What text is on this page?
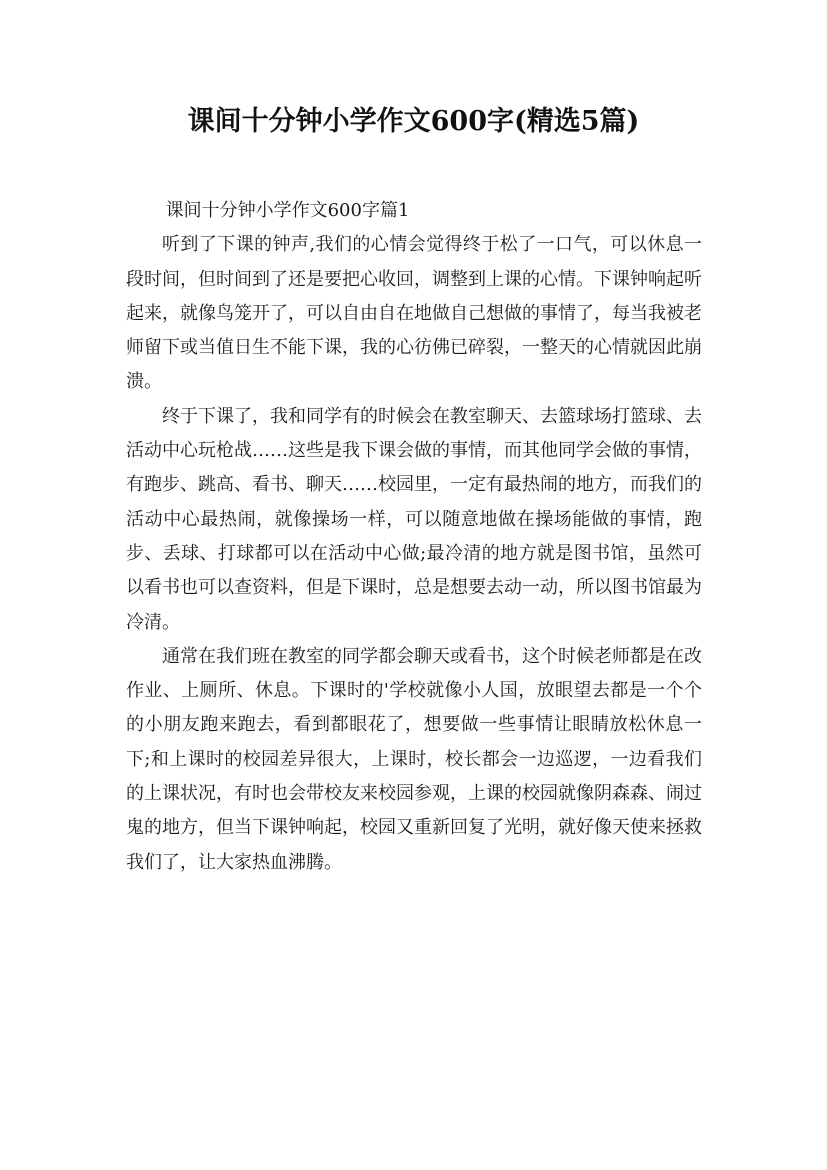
课间十分钟小学作文600字(精选5篇)

课间十分钟小学作文600字篇1

听到了下课的钟声,我们的心情会觉得终于松了一口气，可以休息一段时间，但时间到了还是要把心收回，调整到上课的心情。下课钟响起听起来，就像鸟笼开了，可以自由自在地做自己想做的事情了，每当我被老师留下或当值日生不能下课，我的心彷佛已碎裂，一整天的心情就因此崩溃。

终于下课了，我和同学有的时候会在教室聊天、去篮球场打篮球、去活动中心玩枪战……这些是我下课会做的事情，而其他同学会做的事情，有跑步、跳高、看书、聊天……校园里，一定有最热闹的地方，而我们的活动中心最热闹，就像操场一样，可以随意地做在操场能做的事情，跑步、丢球、打球都可以在活动中心做;最冷清的地方就是图书馆，虽然可以看书也可以查资料，但是下课时，总是想要去动一动，所以图书馆最为冷清。

通常在我们班在教室的同学都会聊天或看书，这个时候老师都是在改作业、上厕所、休息。下课时的'学校就像小人国，放眼望去都是一个个的小朋友跑来跑去，看到都眼花了，想要做一些事情让眼睛放松休息一下;和上课时的校园差异很大，上课时，校长都会一边巡逻，一边看我们的上课状况，有时也会带校友来校园参观，上课的校园就像阴森森、闹过鬼的地方，但当下课钟响起，校园又重新回复了光明，就好像天使来拯救我们了，让大家热血沸腾。
